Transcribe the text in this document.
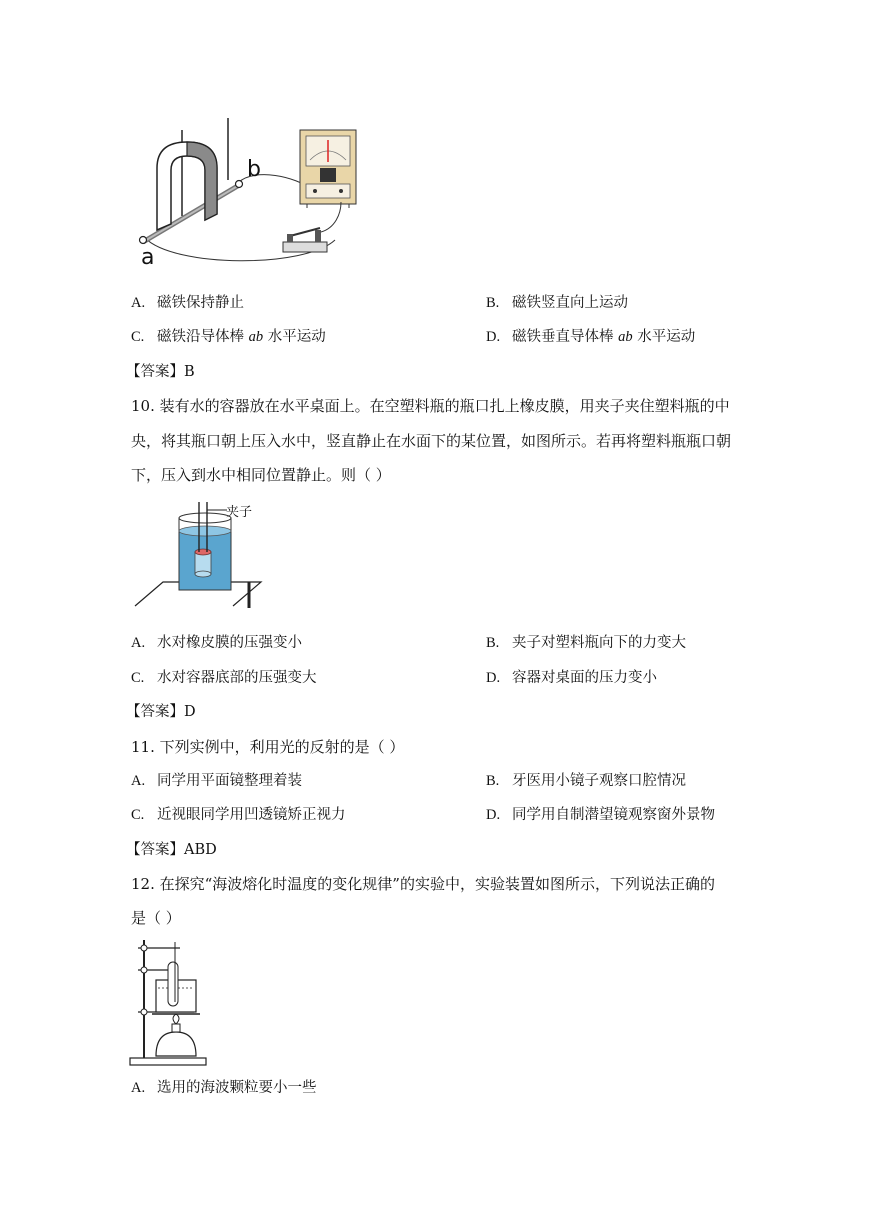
b
a
A. 磁铁保持静止	B. 磁铁竖直向上运动
C. 磁铁沿导体棒 ab 水平运动	D. 磁铁垂直导体棒 ab 水平运动
【答案】B
10. 装有水的容器放在水平桌面上。在空塑料瓶的瓶口扎上橡皮膜，用夹子夹住塑料瓶的中
央，将其瓶口朝上压入水中，竖直静止在水面下的某位置，如图所示。若再将塑料瓶瓶口朝
下，压入到水中相同位置静止。则（ ）
夹子
A. 水对橡皮膜的压强变小	B. 夹子对塑料瓶向下的力变大
C. 水对容器底部的压强变大	D. 容器对桌面的压力变小
【答案】D
11. 下列实例中，利用光的反射的是（ ）
A. 同学用平面镜整理着装	B. 牙医用小镜子观察口腔情况
C. 近视眼同学用凹透镜矫正视力	D. 同学用自制潜望镜观察窗外景物
【答案】ABD
12. 在探究“海波熔化时温度的变化规律”的实验中，实验装置如图所示，下列说法正确的
是（ ）
A. 选用的海波颗粒要小一些
